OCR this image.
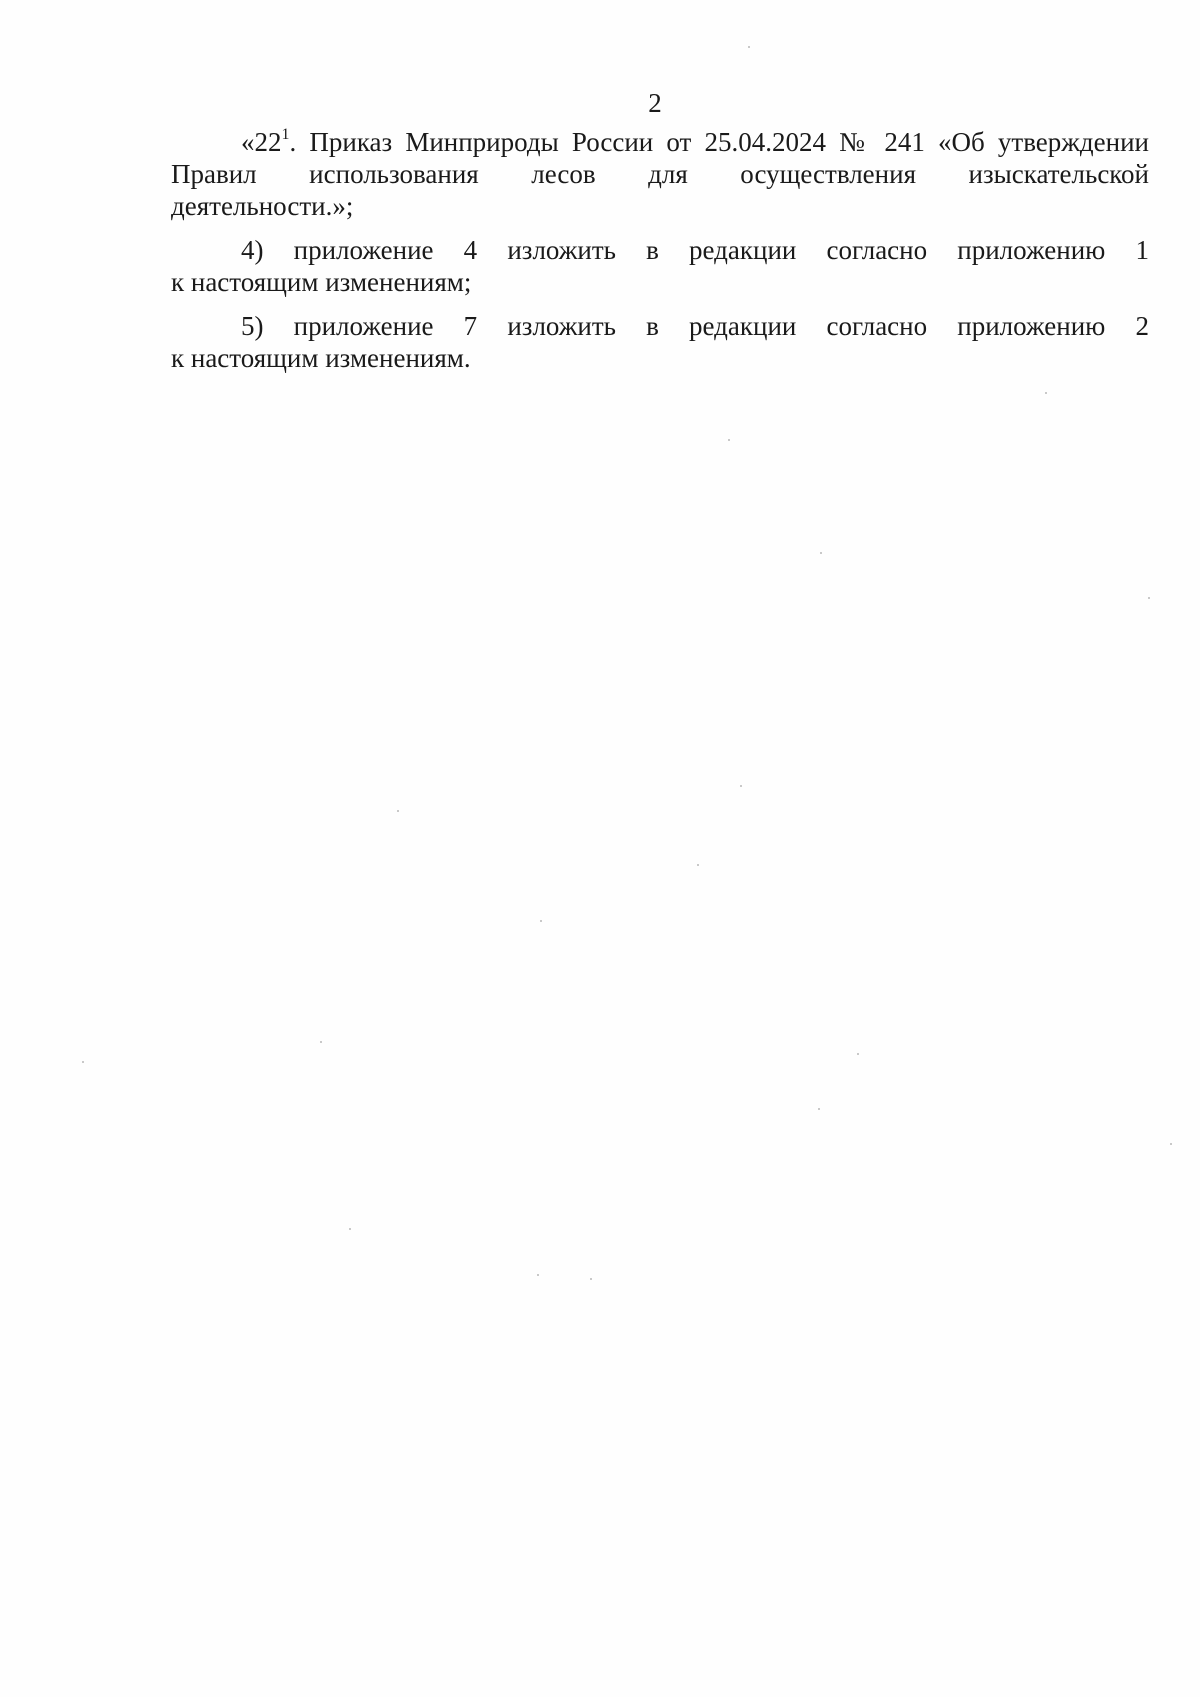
2

«$22^1$. Приказ Минприроды России от 25.04.2024 № 241 «Об утверждении
Правил использования лесов для осуществления изыскательской
деятельности.»;

4) приложение 4 изложить в редакции согласно приложению 1
к настоящим изменениям;

5) приложение 7 изложить в редакции согласно приложению 2
к настоящим изменениям.
